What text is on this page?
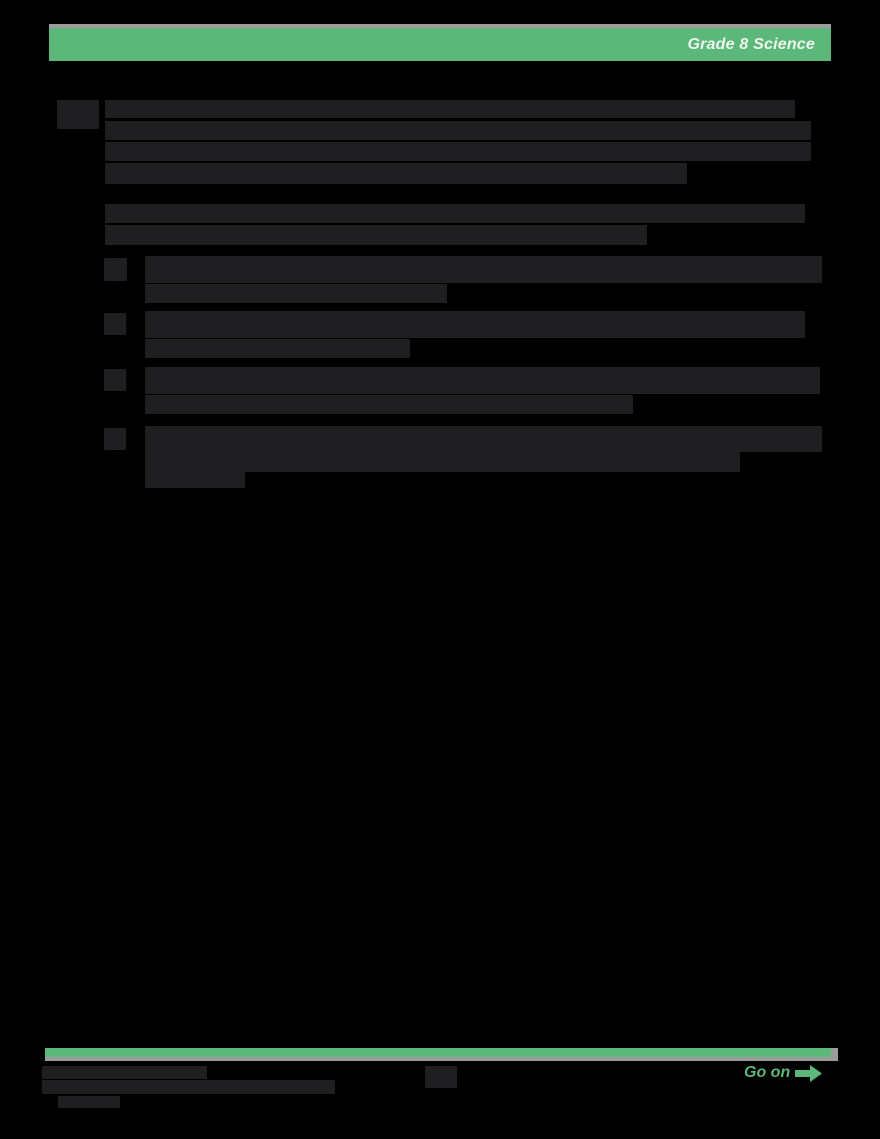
Grade 8 Science
Go on
